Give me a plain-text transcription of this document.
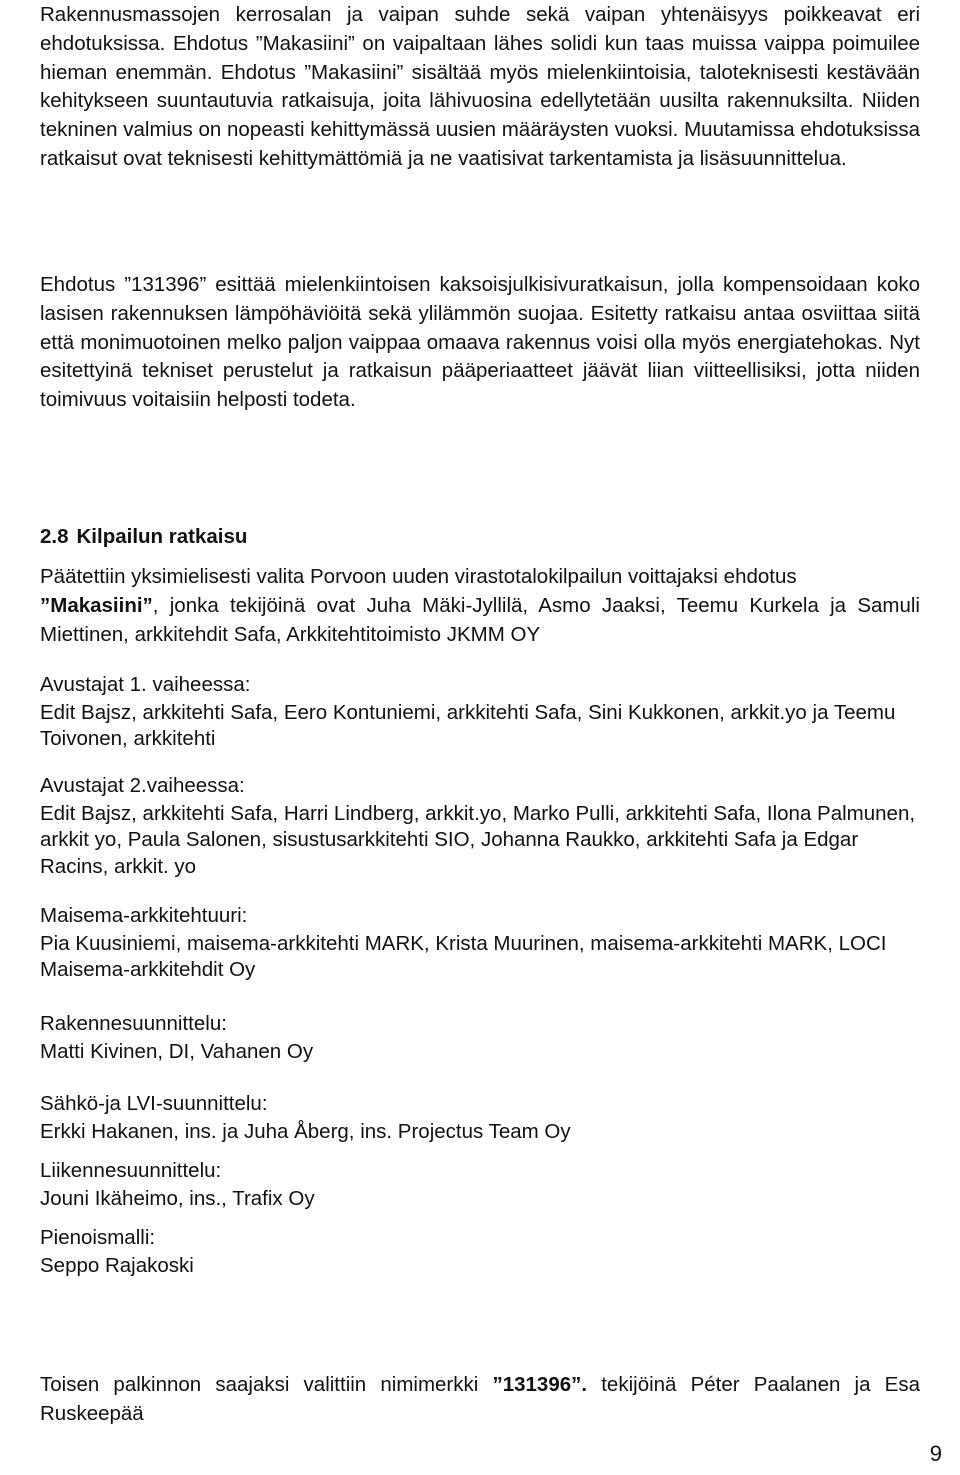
Rakennusmassojen kerrosalan ja vaipan suhde sekä vaipan yhtenäisyys poikkeavat eri ehdotuksissa. Ehdotus ”Makasiini” on vaipaltaan lähes solidi kun taas muissa vaippa poimuilee hieman enemmän. Ehdotus ”Makasiini” sisältää myös mielenkiintoisia, taloteknisesti kestävään kehitykseen suuntautuvia ratkaisuja, joita lähivuosina edellytetään uusilta rakennuksilta. Niiden tekninen valmius on nopeasti kehittymässä uusien määräysten vuoksi. Muutamissa ehdotuksissa ratkaisut ovat teknisesti kehittymättömiä ja ne vaatisivat tarkentamista ja lisäsuunnittelua.

Ehdotus ”131396” esittää mielenkiintoisen kaksoisjulkisivuratkaisun, jolla kompensoidaan koko lasisen rakennuksen lämpöhäviöitä sekä ylilämmön suojaa. Esitetty ratkaisu antaa osviittaa siitä että monimuotoinen melko paljon vaippaa omaava rakennus voisi olla myös energiatehokas. Nyt esitettyinä tekniset perustelut ja ratkaisun pääperiaatteet jäävät liian viitteellisiksi, jotta niiden toimivuus voitaisiin helposti todeta.

2.8 Kilpailun ratkaisu

Päätettiin yksimielisesti valita Porvoon uuden virastotalokilpailun voittajaksi ehdotus
”Makasiini”, jonka tekijöinä ovat Juha Mäki-Jyllilä, Asmo Jaaksi, Teemu Kurkela ja Samuli Miettinen, arkkitehdit Safa, Arkkitehtitoimisto JKMM OY

Avustajat 1. vaiheessa:
Edit Bajsz, arkkitehti Safa, Eero Kontuniemi, arkkitehti Safa, Sini Kukkonen, arkkit.yo ja Teemu Toivonen, arkkitehti
Avustajat 2.vaiheessa:
Edit Bajsz, arkkitehti Safa, Harri Lindberg, arkkit.yo, Marko Pulli, arkkitehti Safa, Ilona Palmunen, arkkit yo, Paula Salonen, sisustusarkkitehti SIO, Johanna Raukko, arkkitehti Safa ja Edgar Racins, arkkit. yo
Maisema-arkkitehtuuri:
Pia Kuusiniemi, maisema-arkkitehti MARK, Krista Muurinen, maisema-arkkitehti MARK, LOCI Maisema-arkkitehdit Oy
Rakennesuunnittelu:
Matti Kivinen, DI, Vahanen Oy
Sähkö-ja LVI-suunnittelu:
Erkki Hakanen, ins. ja Juha Åberg, ins. Projectus Team Oy
Liikennesuunnittelu:
Jouni Ikäheimo, ins., Trafix Oy
Pienoismalli:
Seppo Rajakoski

Toisen palkinnon saajaksi valittiin nimimerkki ”131396”. tekijöinä Péter Paalanen ja Esa Ruskeepää

9
